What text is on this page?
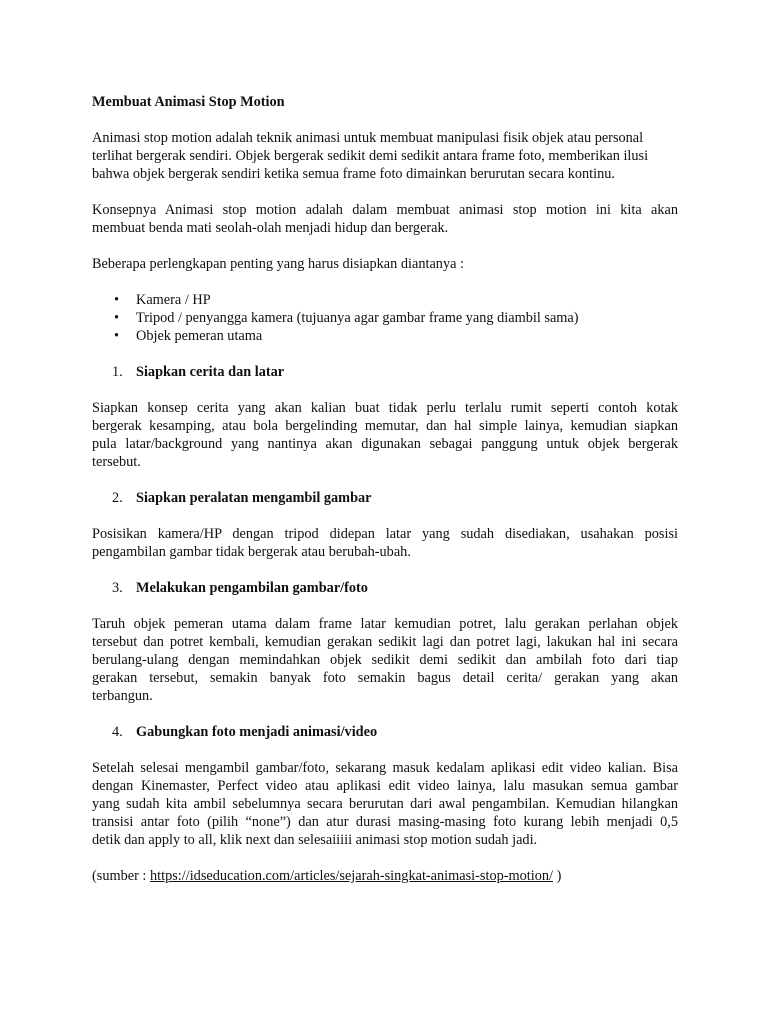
Membuat Animasi Stop Motion

Animasi stop motion adalah teknik animasi untuk membuat manipulasi fisik objek atau personal
terlihat bergerak sendiri. Objek bergerak sedikit demi sedikit antara frame foto, memberikan ilusi
bahwa objek bergerak sendiri ketika semua frame foto dimainkan berurutan secara kontinu.

Konsepnya Animasi stop motion adalah dalam membuat animasi stop motion ini kita akan
membuat benda mati seolah-olah menjadi hidup dan bergerak.

Beberapa perlengkapan penting yang harus disiapkan diantanya :

• Kamera / HP
• Tripod / penyangga kamera (tujuanya agar gambar frame yang diambil sama)
• Objek pemeran utama
1. Siapkan cerita dan latar

Siapkan konsep cerita yang akan kalian buat tidak perlu terlalu rumit seperti contoh kotak
bergerak kesamping, atau bola bergelinding memutar, dan hal simple lainya, kemudian siapkan
pula latar/background yang nantinya akan digunakan sebagai panggung untuk objek bergerak
tersebut.

2. Siapkan peralatan mengambil gambar

Posisikan kamera/HP dengan tripod didepan latar yang sudah disediakan, usahakan posisi
pengambilan gambar tidak bergerak atau berubah-ubah.

3. Melakukan pengambilan gambar/foto

Taruh objek pemeran utama dalam frame latar kemudian potret, lalu gerakan perlahan objek
tersebut dan potret kembali, kemudian gerakan sedikit lagi dan potret lagi, lakukan hal ini secara
berulang-ulang dengan memindahkan objek sedikit demi sedikit dan ambilah foto dari tiap
gerakan tersebut, semakin banyak foto semakin bagus detail cerita/ gerakan yang akan
terbangun.

4. Gabungkan foto menjadi animasi/video

Setelah selesai mengambil gambar/foto, sekarang masuk kedalam aplikasi edit video kalian. Bisa
dengan Kinemaster, Perfect video atau aplikasi edit video lainya, lalu masukan semua gambar
yang sudah kita ambil sebelumnya secara berurutan dari awal pengambilan. Kemudian hilangkan
transisi antar foto (pilih “none”) dan atur durasi masing-masing foto kurang lebih menjadi 0,5
detik dan apply to all, klik next dan selesaiiiii animasi stop motion sudah jadi.

(sumber : https://idseducation.com/articles/sejarah-singkat-animasi-stop-motion/ )
